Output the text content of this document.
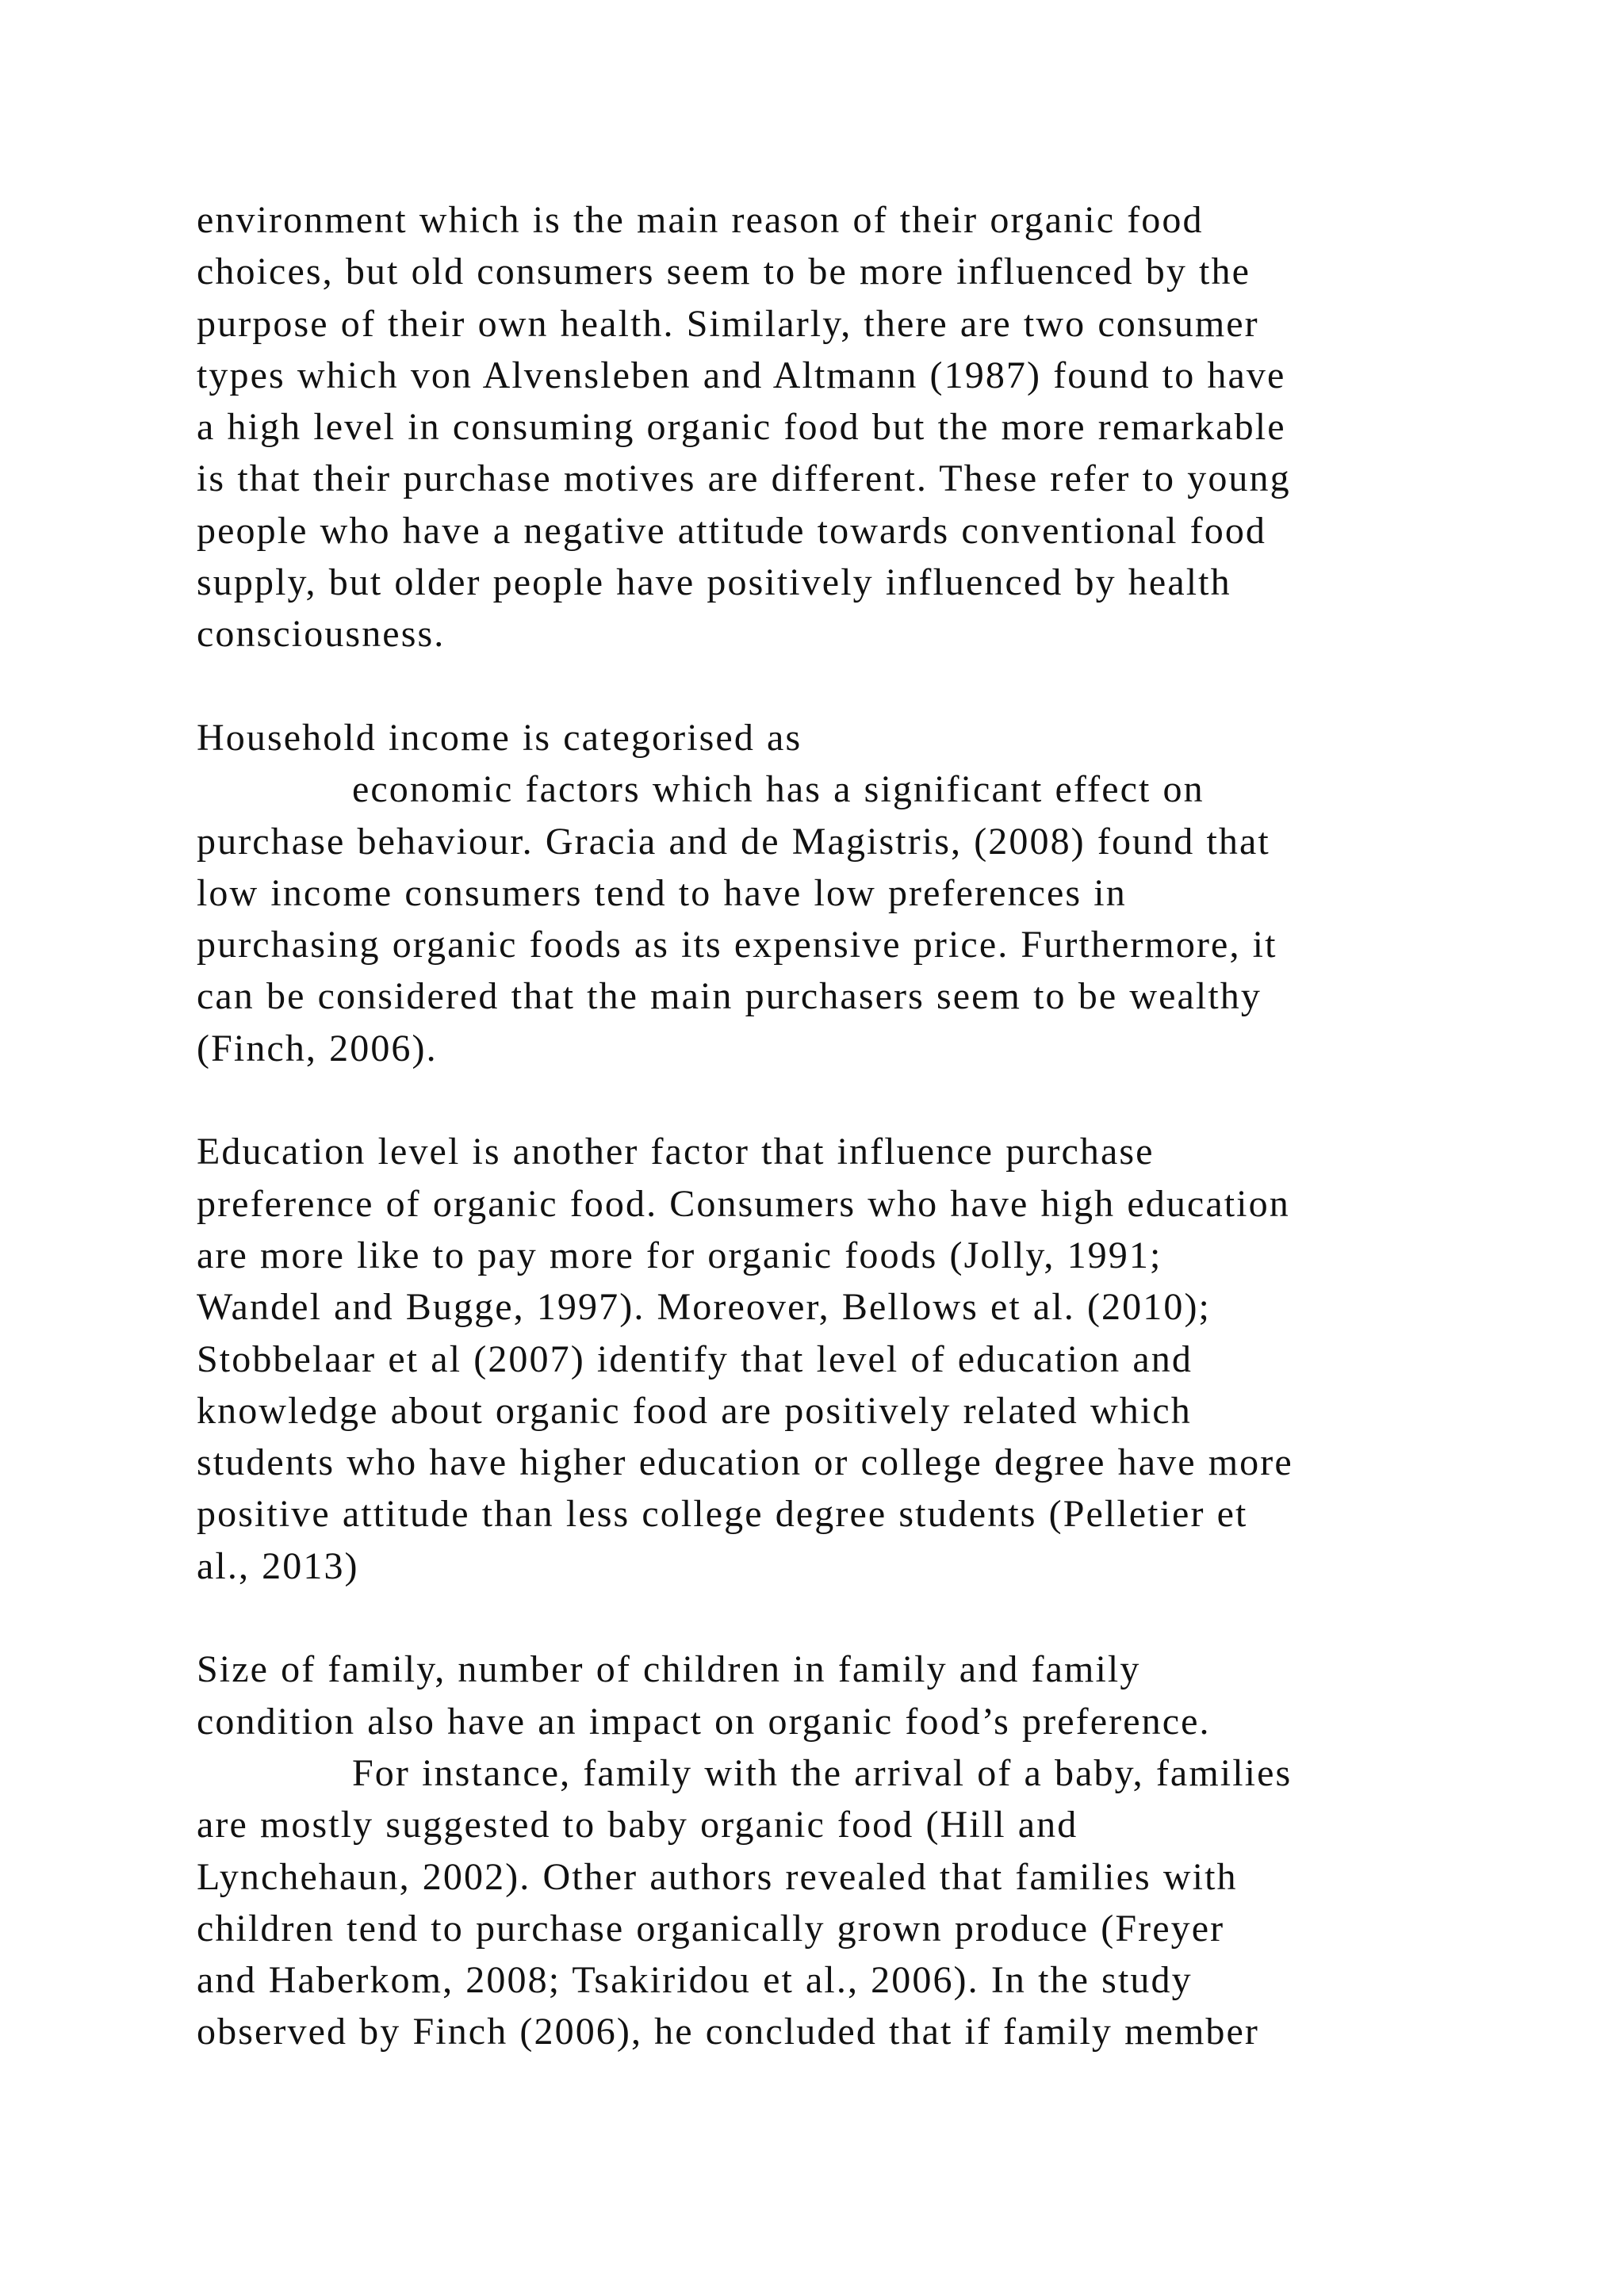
environment which is the main reason of their organic food
choices, but old consumers seem to be more influenced by the
purpose of their own health. Similarly, there are two consumer
types which von Alvensleben and Altmann (1987) found to have
a high level in consuming organic food but the more remarkable
is that their purchase motives are different. These refer to young
people who have a negative attitude towards conventional food
supply, but older people have positively influenced by health
consciousness.
Household income is categorised as
economic factors which has a significant effect on
purchase behaviour. Gracia and de Magistris, (2008) found that
low income consumers tend to have low preferences in
purchasing organic foods as its expensive price. Furthermore, it
can be considered that the main purchasers seem to be wealthy
(Finch, 2006).
Education level is another factor that influence purchase
preference of organic food. Consumers who have high education
are more like to pay more for organic foods (Jolly, 1991;
Wandel and Bugge, 1997). Moreover, Bellows et al. (2010);
Stobbelaar et al (2007) identify that level of education and
knowledge about organic food are positively related which
students who have higher education or college degree have more
positive attitude than less college degree students (Pelletier et
al., 2013)
Size of family, number of children in family and family
condition also have an impact on organic food’s preference.
For instance, family with the arrival of a baby, families
are mostly suggested to baby organic food (Hill and
Lynchehaun, 2002). Other authors revealed that families with
children tend to purchase organically grown produce (Freyer
and Haberkom, 2008; Tsakiridou et al., 2006). In the study
observed by Finch (2006), he concluded that if family member
